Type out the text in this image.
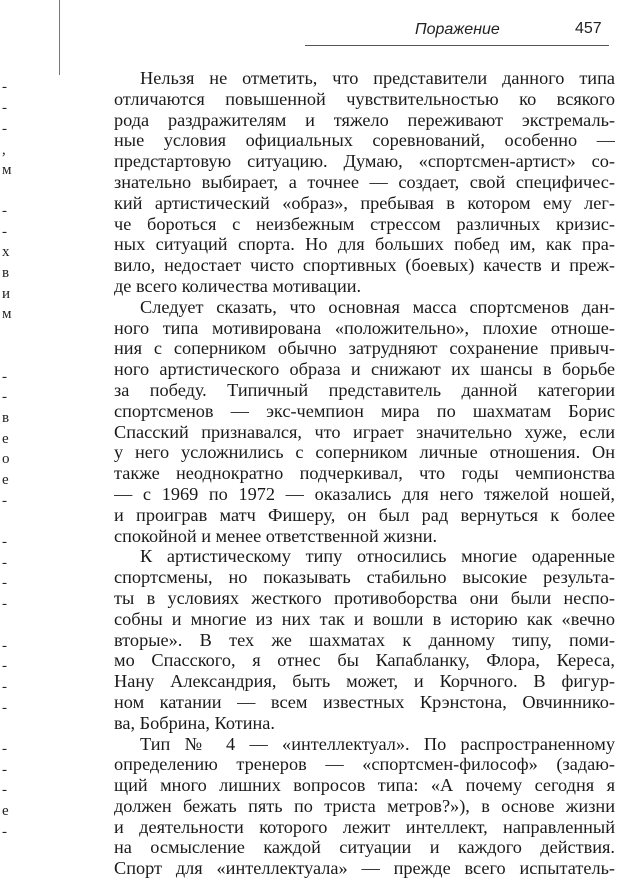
-
-
-
,
м
-
-
х
в
и
м
-
-
в
е
о
е
-
-
-
-
-
-
-
-
-
-
-
-
е
-
Поражение	457
Нельзя не отметить, что представители данного типа
отличаются повышенной чувствительностью ко всякого
рода раздражителям и тяжело переживают экстремаль-
ные условия официальных соревнований, особенно —
предстартовую ситуацию. Думаю, «спортсмен-артист» со-
знательно выбирает, а точнее — создает, свой специфичес-
кий артистический «образ», пребывая в котором ему лег-
че бороться с неизбежным стрессом различных кризис-
ных ситуаций спорта. Но для больших побед им, как пра-
вило, недостает чисто спортивных (боевых) качеств и преж-
де всего количества мотивации.
Следует сказать, что основная масса спортсменов дан-
ного типа мотивирована «положительно», плохие отноше-
ния с соперником обычно затрудняют сохранение привыч-
ного артистического образа и снижают их шансы в борьбе
за победу. Типичный представитель данной категории
спортсменов — экс-чемпион мира по шахматам Борис
Спасский признавался, что играет значительно хуже, если
у него усложнились с соперником личные отношения. Он
также неоднократно подчеркивал, что годы чемпионства
— с 1969 по 1972 — оказались для него тяжелой ношей,
и проиграв матч Фишеру, он был рад вернуться к более
спокойной и менее ответственной жизни.
К артистическому типу относились многие одаренные
спортсмены, но показывать стабильно высокие результа-
ты в условиях жесткого противоборства они были неспо-
собны и многие из них так и вошли в историю как «вечно
вторые». В тех же шахматах к данному типу, поми-
мо Спасского, я отнес бы Капабланку, Флора, Кереса,
Нану Александрия, быть может, и Корчного. В фигур-
ном катании — всем известных Крэнстона, Овчиннико-
ва, Бобрина, Котина.
Тип № 4 — «интеллектуал». По распространенному
определению тренеров — «спортсмен-философ» (задаю-
щий много лишних вопросов типа: «А почему сегодня я
должен бежать пять по триста метров?»), в основе жизни
и деятельности которого лежит интеллект, направленный
на осмысление каждой ситуации и каждого действия.
Спорт для «интеллектуала» — прежде всего испытатель-
